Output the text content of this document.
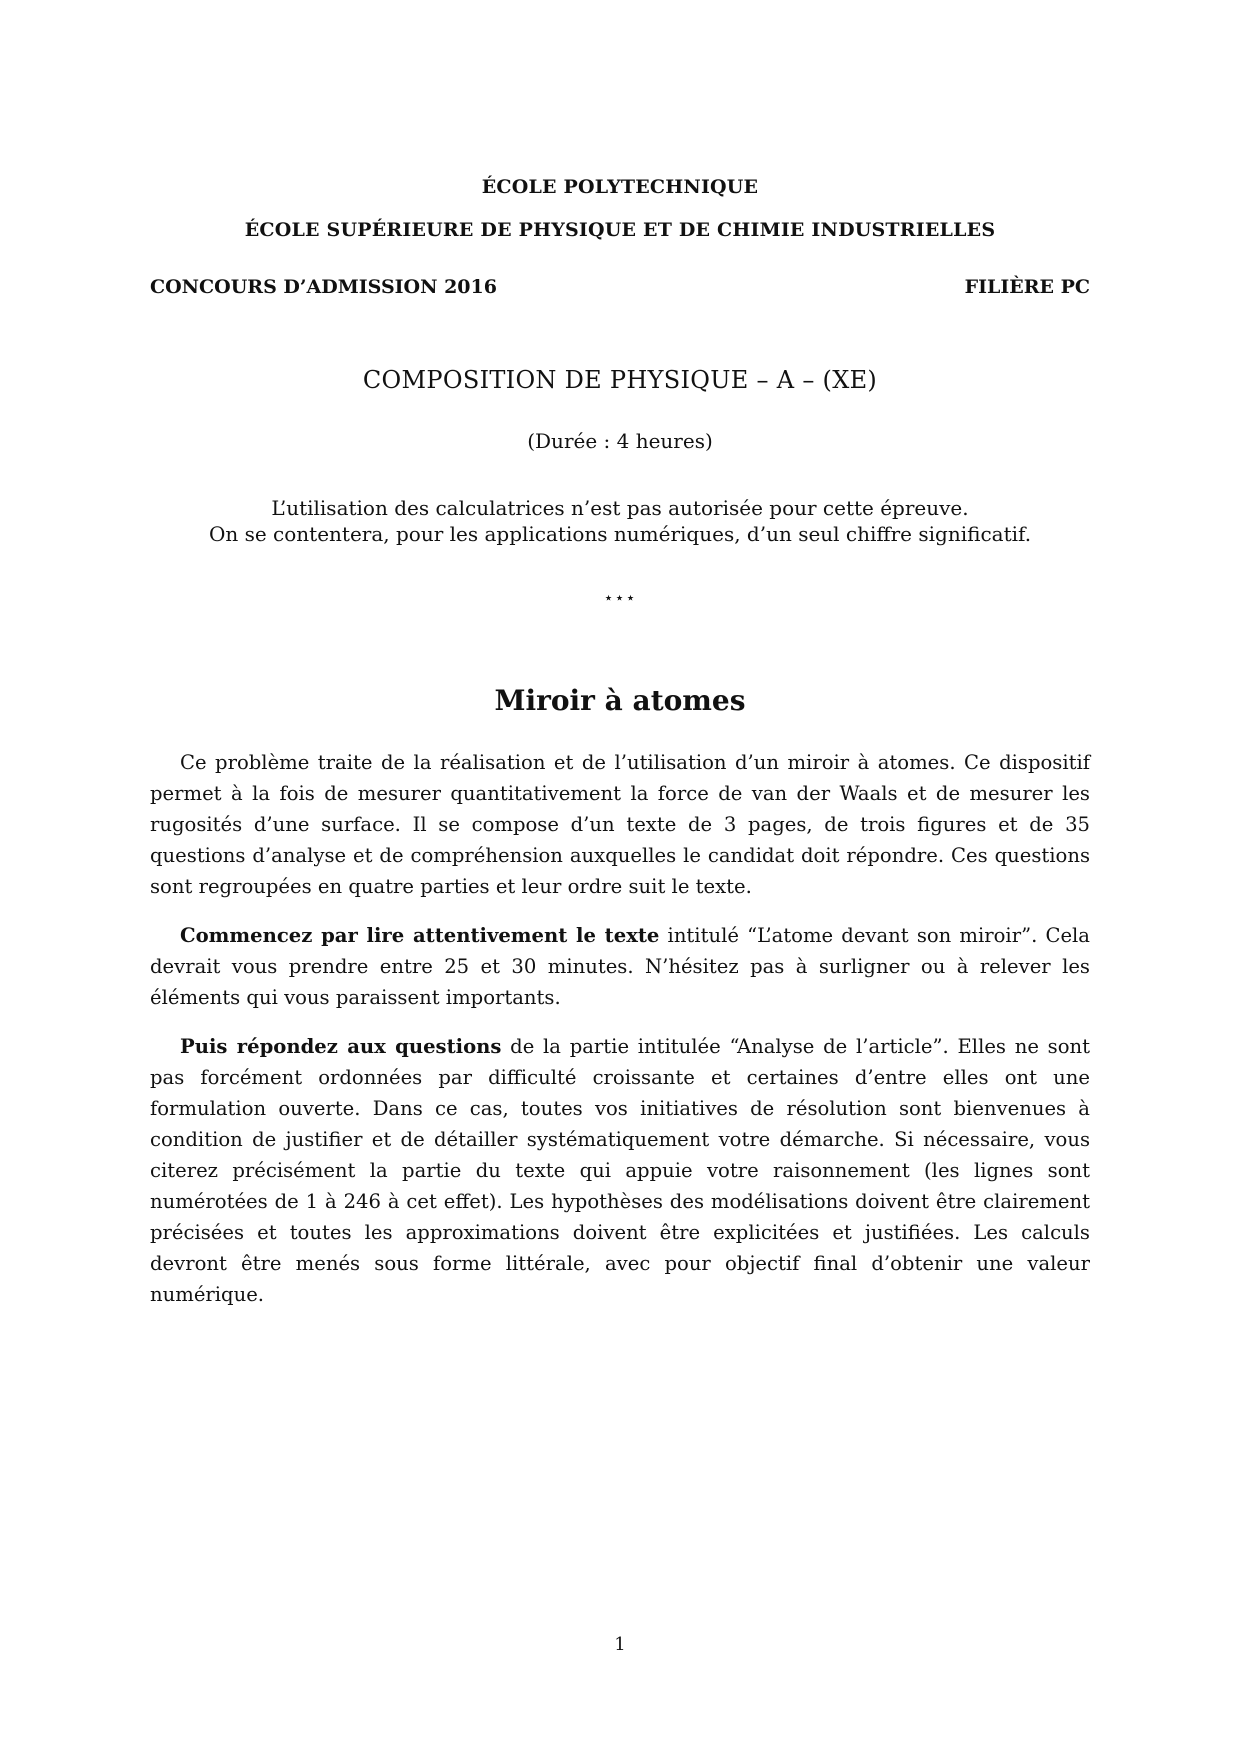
ÉCOLE POLYTECHNIQUE
ÉCOLE SUPÉRIEURE DE PHYSIQUE ET DE CHIMIE INDUSTRIELLES
CONCOURS D’ADMISSION 2016	FILIÈRE PC
COMPOSITION DE PHYSIQUE – A – (XE)
(Durée : 4 heures)
L’utilisation des calculatrices n’est pas autorisée pour cette épreuve.
On se contentera, pour les applications numériques, d’un seul chiffre significatif.
⋆⋆⋆
Miroir à atomes

Ce problème traite de la réalisation et de l’utilisation d’un miroir à atomes. Ce dispositif permet à la fois de mesurer quantitativement la force de van der Waals et de mesurer les rugosités d’une surface. Il se compose d’un texte de 3 pages, de trois figures et de 35 questions d’analyse et de compréhension auxquelles le candidat doit répondre. Ces questions sont regroupées en quatre parties et leur ordre suit le texte.

Commencez par lire attentivement le texte intitulé “L’atome devant son miroir”. Cela devrait vous prendre entre 25 et 30 minutes. N’hésitez pas à surligner ou à relever les éléments qui vous paraissent importants.

Puis répondez aux questions de la partie intitulée “Analyse de l’article”. Elles ne sont pas forcément ordonnées par difficulté croissante et certaines d’entre elles ont une formulation ouverte. Dans ce cas, toutes vos initiatives de résolution sont bienvenues à condition de justifier et de détailler systématiquement votre démarche. Si nécessaire, vous citerez précisément la partie du texte qui appuie votre raisonnement (les lignes sont numérotées de 1 à 246 à cet effet). Les hypothèses des modélisations doivent être clairement précisées et toutes les approximations doivent être explicitées et justifiées. Les calculs devront être menés sous forme littérale, avec pour objectif final d’obtenir une valeur numérique.

1
